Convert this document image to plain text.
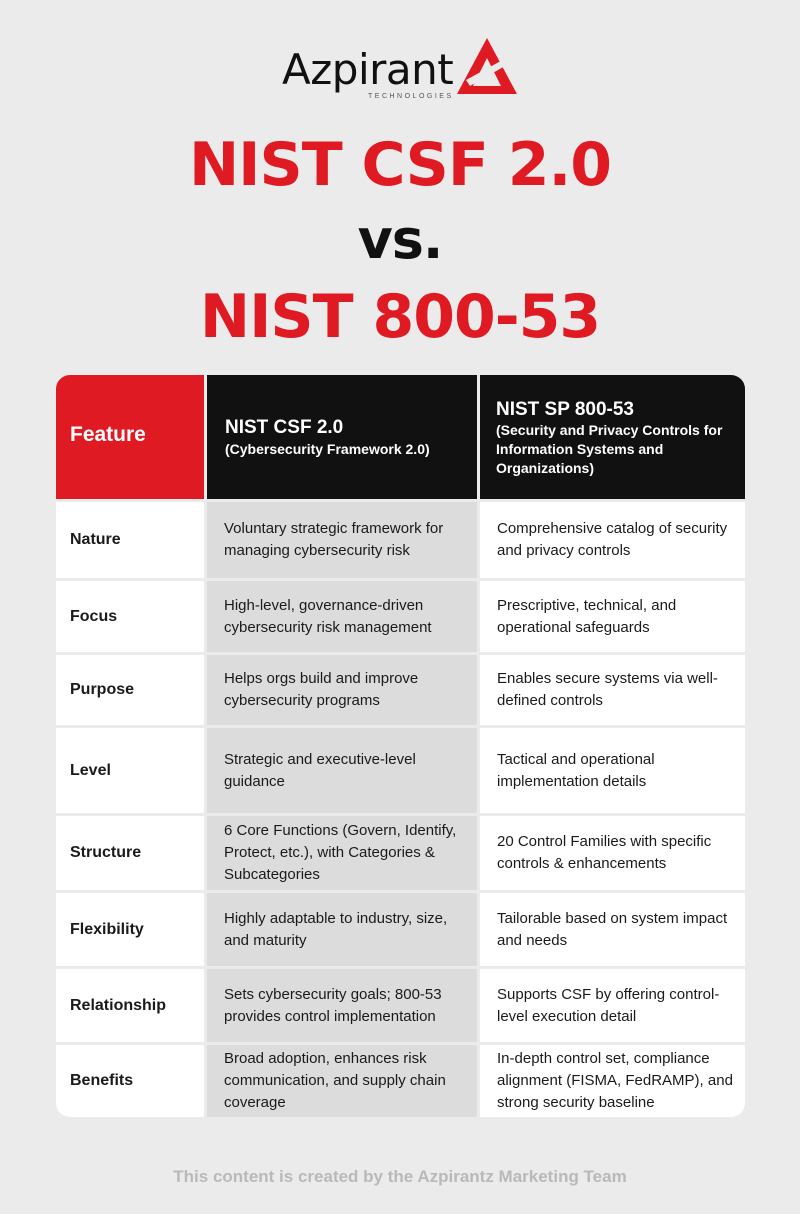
Azpirant
TECHNOLOGIES
NIST CSF 2.0
vs.
NIST 800-53
Feature	NIST CSF 2.0
(Cybersecurity Framework 2.0)
NIST SP 800-53
(Security and Privacy Controls for Information Systems and Organizations)
Nature
Voluntary strategic framework for managing cybersecurity risk
Comprehensive catalog of security and privacy controls
Focus
High-level, governance-driven cybersecurity risk management
Prescriptive, technical, and operational safeguards
Purpose
Helps orgs build and improve cybersecurity programs
Enables secure systems via well-defined controls
Level
Strategic and executive-level guidance
Tactical and operational implementation details
Structure
6 Core Functions (Govern, Identify, Protect, etc.), with Categories & Subcategories
20 Control Families with specific controls & enhancements
Flexibility
Highly adaptable to industry, size, and maturity
Tailorable based on system impact and needs
Relationship
Sets cybersecurity goals; 800-53 provides control implementation
Supports CSF by offering control-level execution detail
Benefits
Broad adoption, enhances risk communication, and supply chain coverage
In-depth control set, compliance alignment (FISMA, FedRAMP), and strong security baseline
This content is created by the Azpirantz Marketing Team
